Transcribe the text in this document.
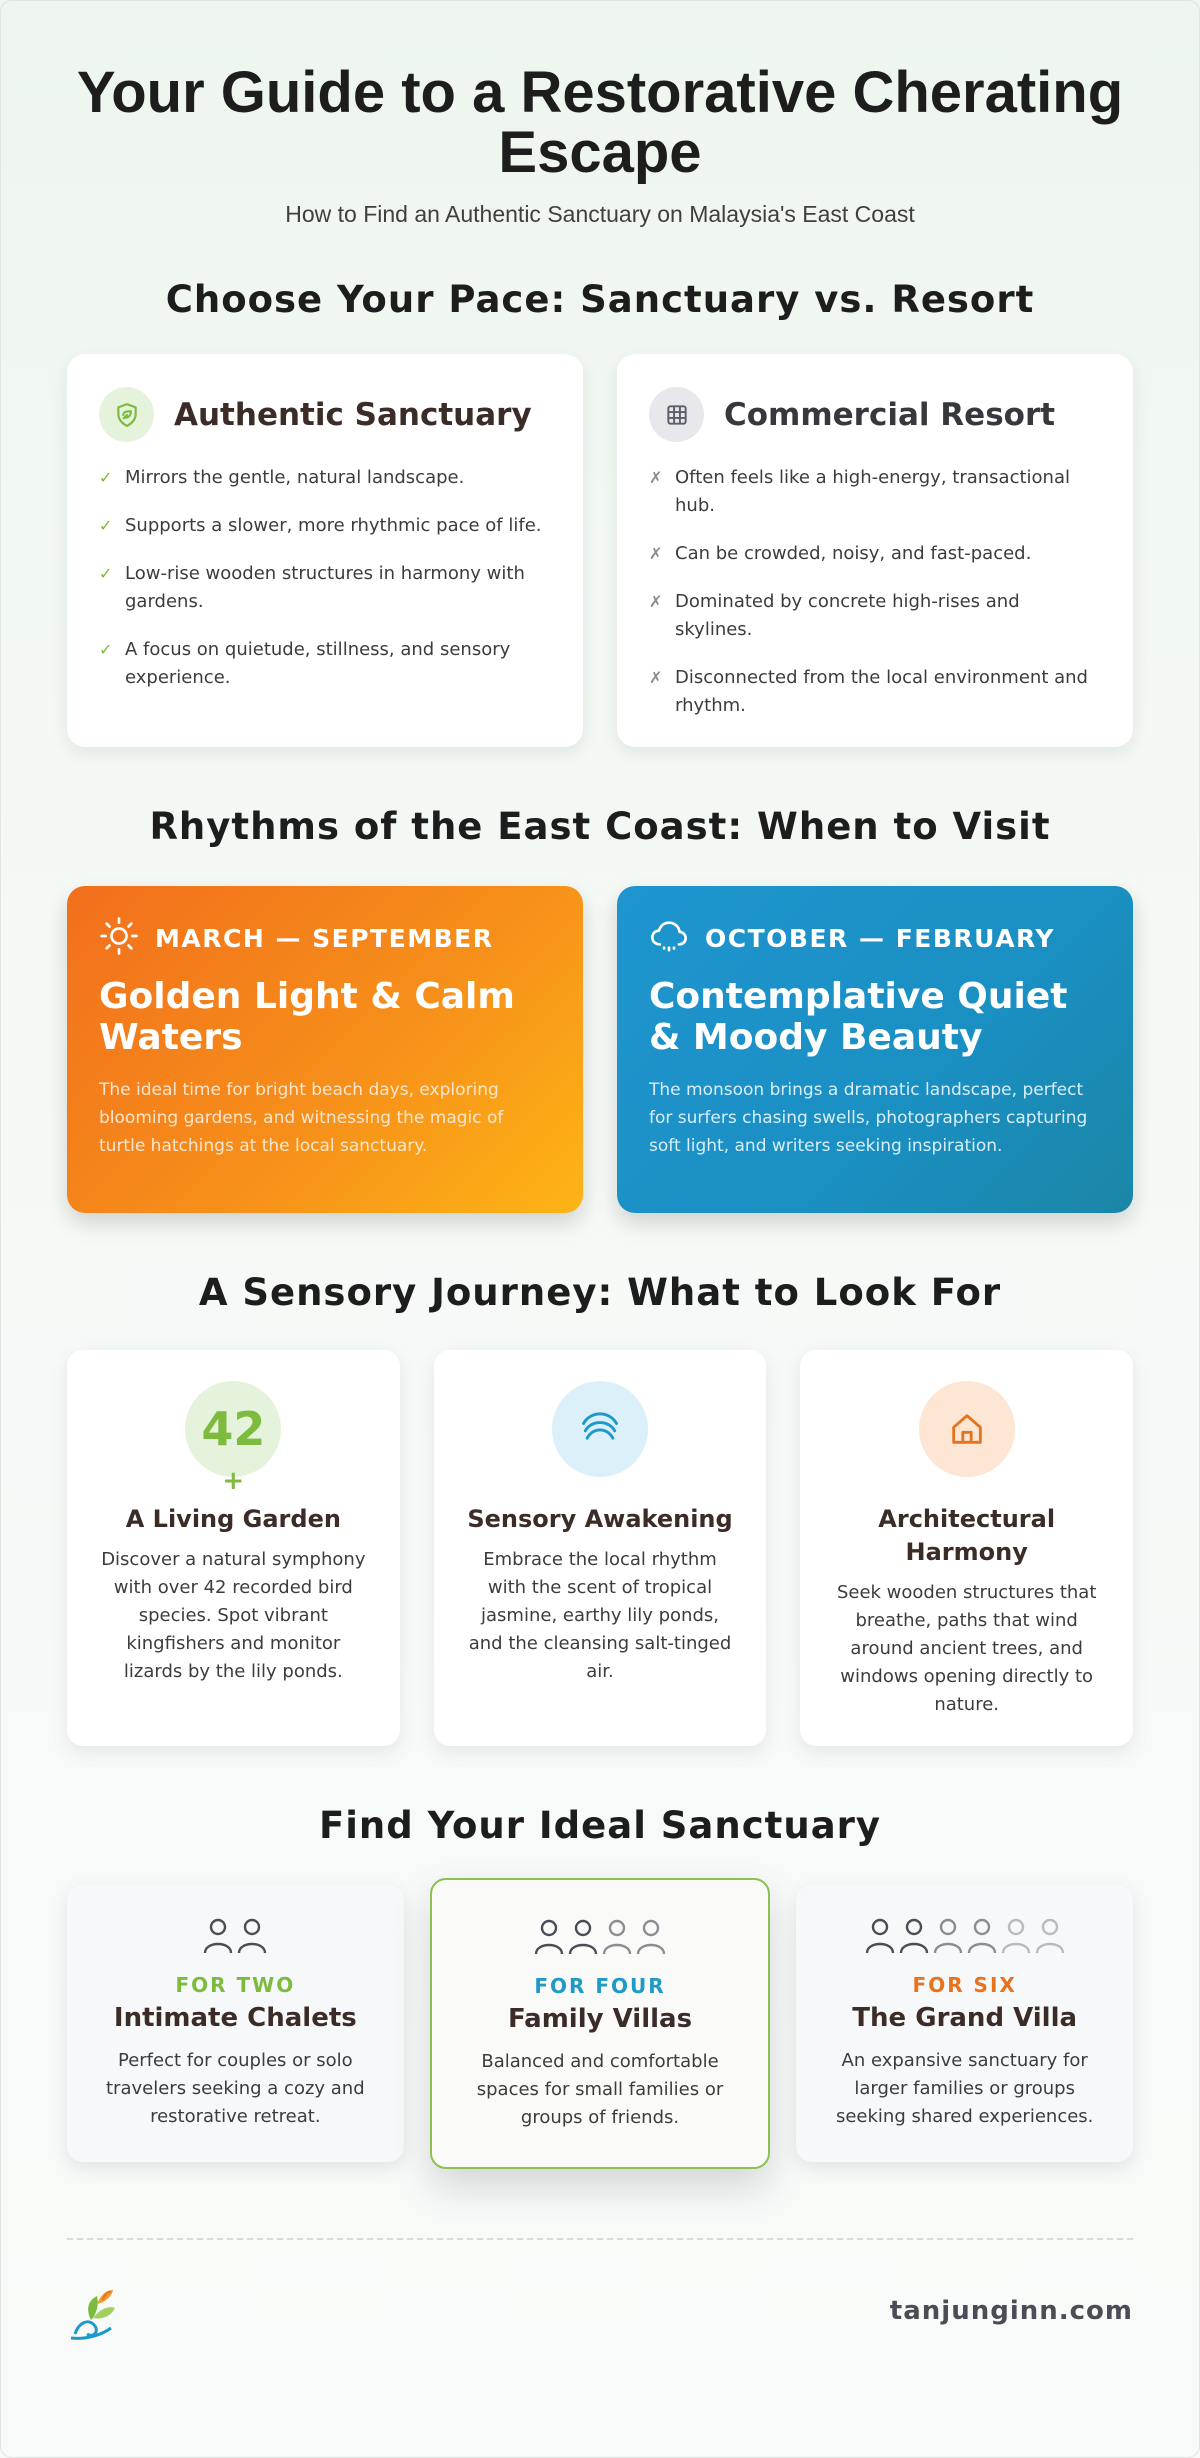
Your Guide to a Restorative Cherating Escape

How to Find an Authentic Sanctuary on Malaysia's East Coast

Choose Your Pace: Sanctuary vs. Resort
Authentic Sanctuary
✓ Mirrors the gentle, natural landscape.
✓ Supports a slower, more rhythmic pace of life.
✓ Low-rise wooden structures in harmony with gardens.
✓ A focus on quietude, stillness, and sensory experience.
Commercial Resort
✗ Often feels like a high-energy, transactional hub.
✗ Can be crowded, noisy, and fast-paced.
✗ Dominated by concrete high-rises and skylines.
✗ Disconnected from the local environment and rhythm.
Rhythms of the East Coast: When to Visit
MARCH — SEPTEMBER
Golden Light & Calm Waters

The ideal time for bright beach days, exploring blooming gardens, and witnessing the magic of turtle hatchings at the local sanctuary.

OCTOBER — FEBRUARY
Contemplative Quiet & Moody Beauty

The monsoon brings a dramatic landscape, perfect for surfers chasing swells, photographers capturing soft light, and writers seeking inspiration.

A Sensory Journey: What to Look For
42
+
A Living Garden

Discover a natural symphony with over 42 recorded bird species. Spot vibrant kingfishers and monitor lizards by the lily ponds.

Sensory Awakening

Embrace the local rhythm with the scent of tropical jasmine, earthy lily ponds, and the cleansing salt-tinged air.

Architectural Harmony

Seek wooden structures that breathe, paths that wind around ancient trees, and windows opening directly to nature.

Find Your Ideal Sanctuary
FOR TWO
Intimate Chalets

Perfect for couples or solo travelers seeking a cozy and restorative retreat.

FOR FOUR
Family Villas

Balanced and comfortable spaces for small families or groups of friends.

FOR SIX
The Grand Villa

An expansive sanctuary for larger families or groups seeking shared experiences.

tanjunginn.com
